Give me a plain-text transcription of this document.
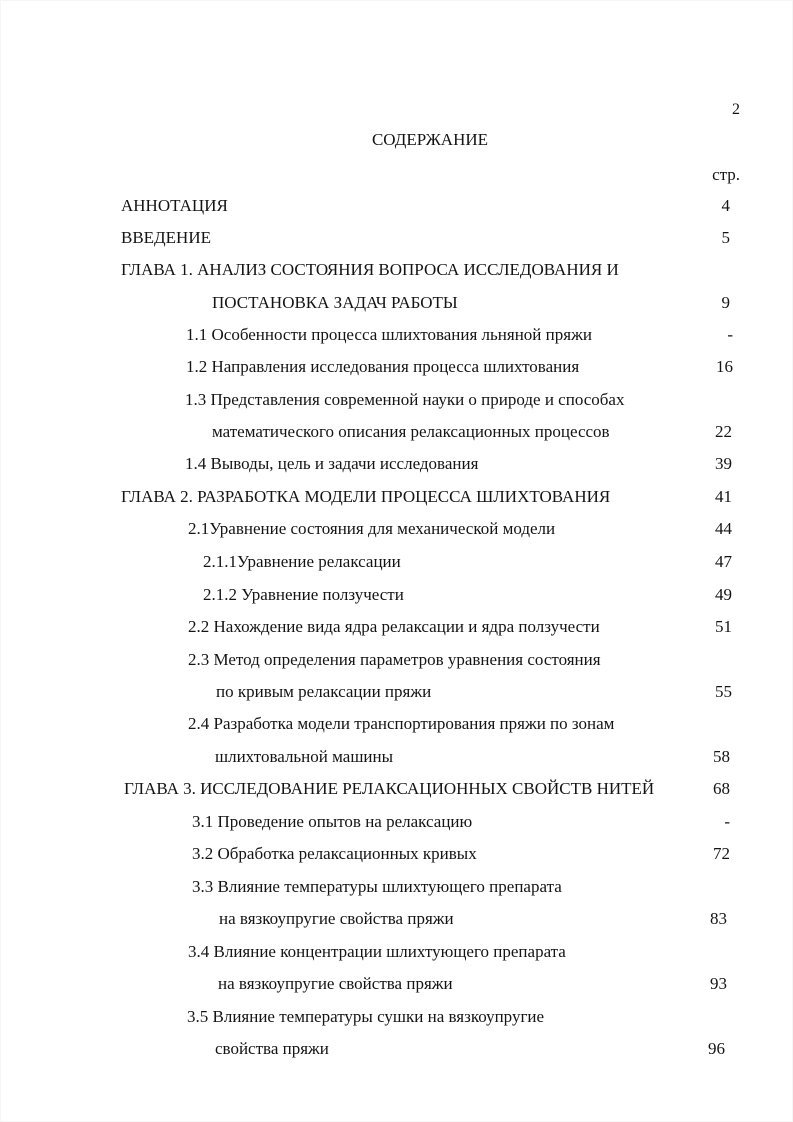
2
СОДЕРЖАНИЕ
стр.
АННОТАЦИЯ	4
ВВЕДЕНИЕ	5
ГЛАВА 1. АНАЛИЗ СОСТОЯНИЯ ВОПРОСА ИССЛЕДОВАНИЯ И
ПОСТАНОВКА ЗАДАЧ РАБОТЫ	9
1.1 Особенности процесса шлихтования льняной пряжи	-
1.2 Направления исследования процесса шлихтования	16
1.3 Представления современной науки о природе и способах
математического описания релаксационных процессов	22
1.4 Выводы, цель и задачи исследования	39
ГЛАВА 2. РАЗРАБОТКА МОДЕЛИ ПРОЦЕССА ШЛИХТОВАНИЯ	41
2.1Уравнение состояния для механической модели	44
2.1.1Уравнение релаксации	47
2.1.2 Уравнение ползучести	49
2.2 Нахождение вида ядра релаксации и ядра ползучести	51
2.3 Метод определения параметров уравнения состояния
по кривым релаксации пряжи	55
2.4 Разработка модели транспортирования пряжи по зонам
шлихтовальной машины	58
ГЛАВА 3. ИССЛЕДОВАНИЕ РЕЛАКСАЦИОННЫХ СВОЙСТВ НИТЕЙ	68
3.1 Проведение опытов на релаксацию	-
3.2 Обработка релаксационных кривых	72
3.3 Влияние температуры шлихтующего препарата
на вязкоупругие свойства пряжи	83
3.4 Влияние концентрации шлихтующего препарата
на вязкоупругие свойства пряжи	93
3.5 Влияние температуры сушки на вязкоупругие
свойства пряжи	96
